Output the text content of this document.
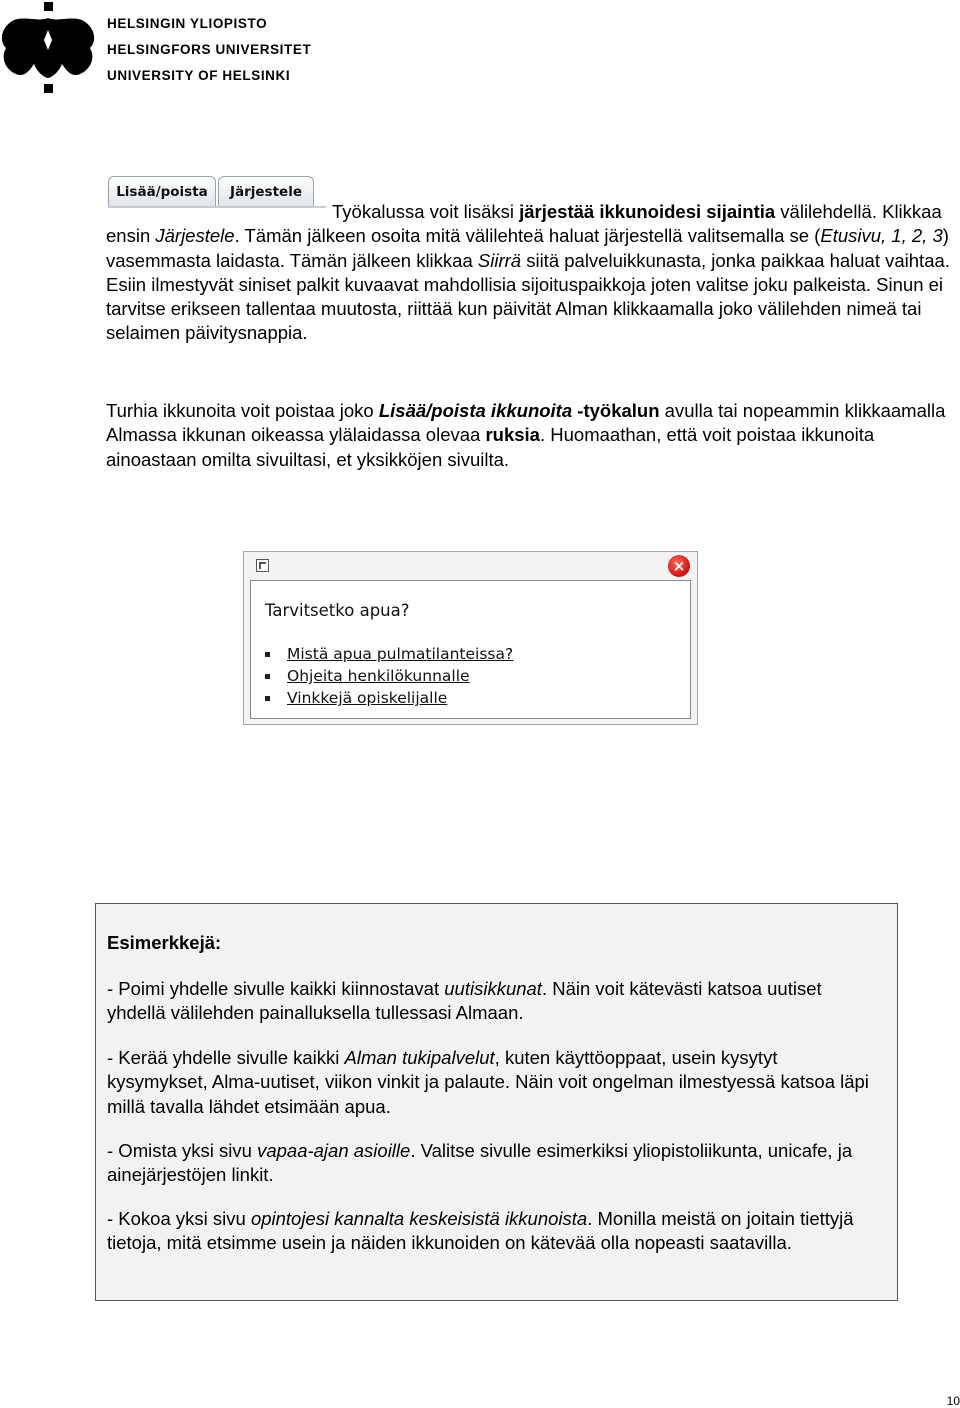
HELSINGIN YLIOPISTO
HELSINGFORS UNIVERSITET
UNIVERSITY OF HELSINKI
Lisää/poista	Järjestele
Työkalussa voit lisäksi järjestää ikkunoidesi sijaintia välilehdellä. Klikkaa ensin Järjestele. Tämän jälkeen osoita mitä välilehteä haluat järjestellä valitsemalla se (Etusivu, 1, 2, 3) vasemmasta laidasta. Tämän jälkeen klikkaa Siirrä siitä palveluikkunasta, jonka paikkaa haluat vaihtaa. Esiin ilmestyvät siniset palkit kuvaavat mahdollisia sijoituspaikkoja joten valitse joku palkeista. Sinun ei tarvitse erikseen tallentaa muutosta, riittää kun päivität Alman klikkaamalla joko välilehden nimeä tai selaimen päivitysnappia.
Turhia ikkunoita voit poistaa joko Lisää/poista ikkunoita -työkalun avulla tai nopeammin klikkaamalla Almassa ikkunan oikeassa ylälaidassa olevaa ruksia. Huomaathan, että voit poistaa ikkunoita ainoastaan omilta sivuiltasi, et yksikköjen sivuilta.
×
Tarvitsetko apua?
Mistä apua pulmatilanteissa?
Ohjeita henkilökunnalle
Vinkkejä opiskelijalle
Esimerkkejä:
- Poimi yhdelle sivulle kaikki kiinnostavat uutisikkunat. Näin voit kätevästi katsoa uutiset yhdellä välilehden painalluksella tullessasi Almaan.
- Kerää yhdelle sivulle kaikki Alman tukipalvelut, kuten käyttöoppaat, usein kysytyt kysymykset, Alma-uutiset, viikon vinkit ja palaute. Näin voit ongelman ilmestyessä katsoa läpi millä tavalla lähdet etsimään apua.
- Omista yksi sivu vapaa-ajan asioille. Valitse sivulle esimerkiksi yliopistoliikunta, unicafe, ja ainejärjestöjen linkit.
- Kokoa yksi sivu opintojesi kannalta keskeisistä ikkunoista. Monilla meistä on joitain tiettyjä tietoja, mitä etsimme usein ja näiden ikkunoiden on kätevää olla nopeasti saatavilla.
10
